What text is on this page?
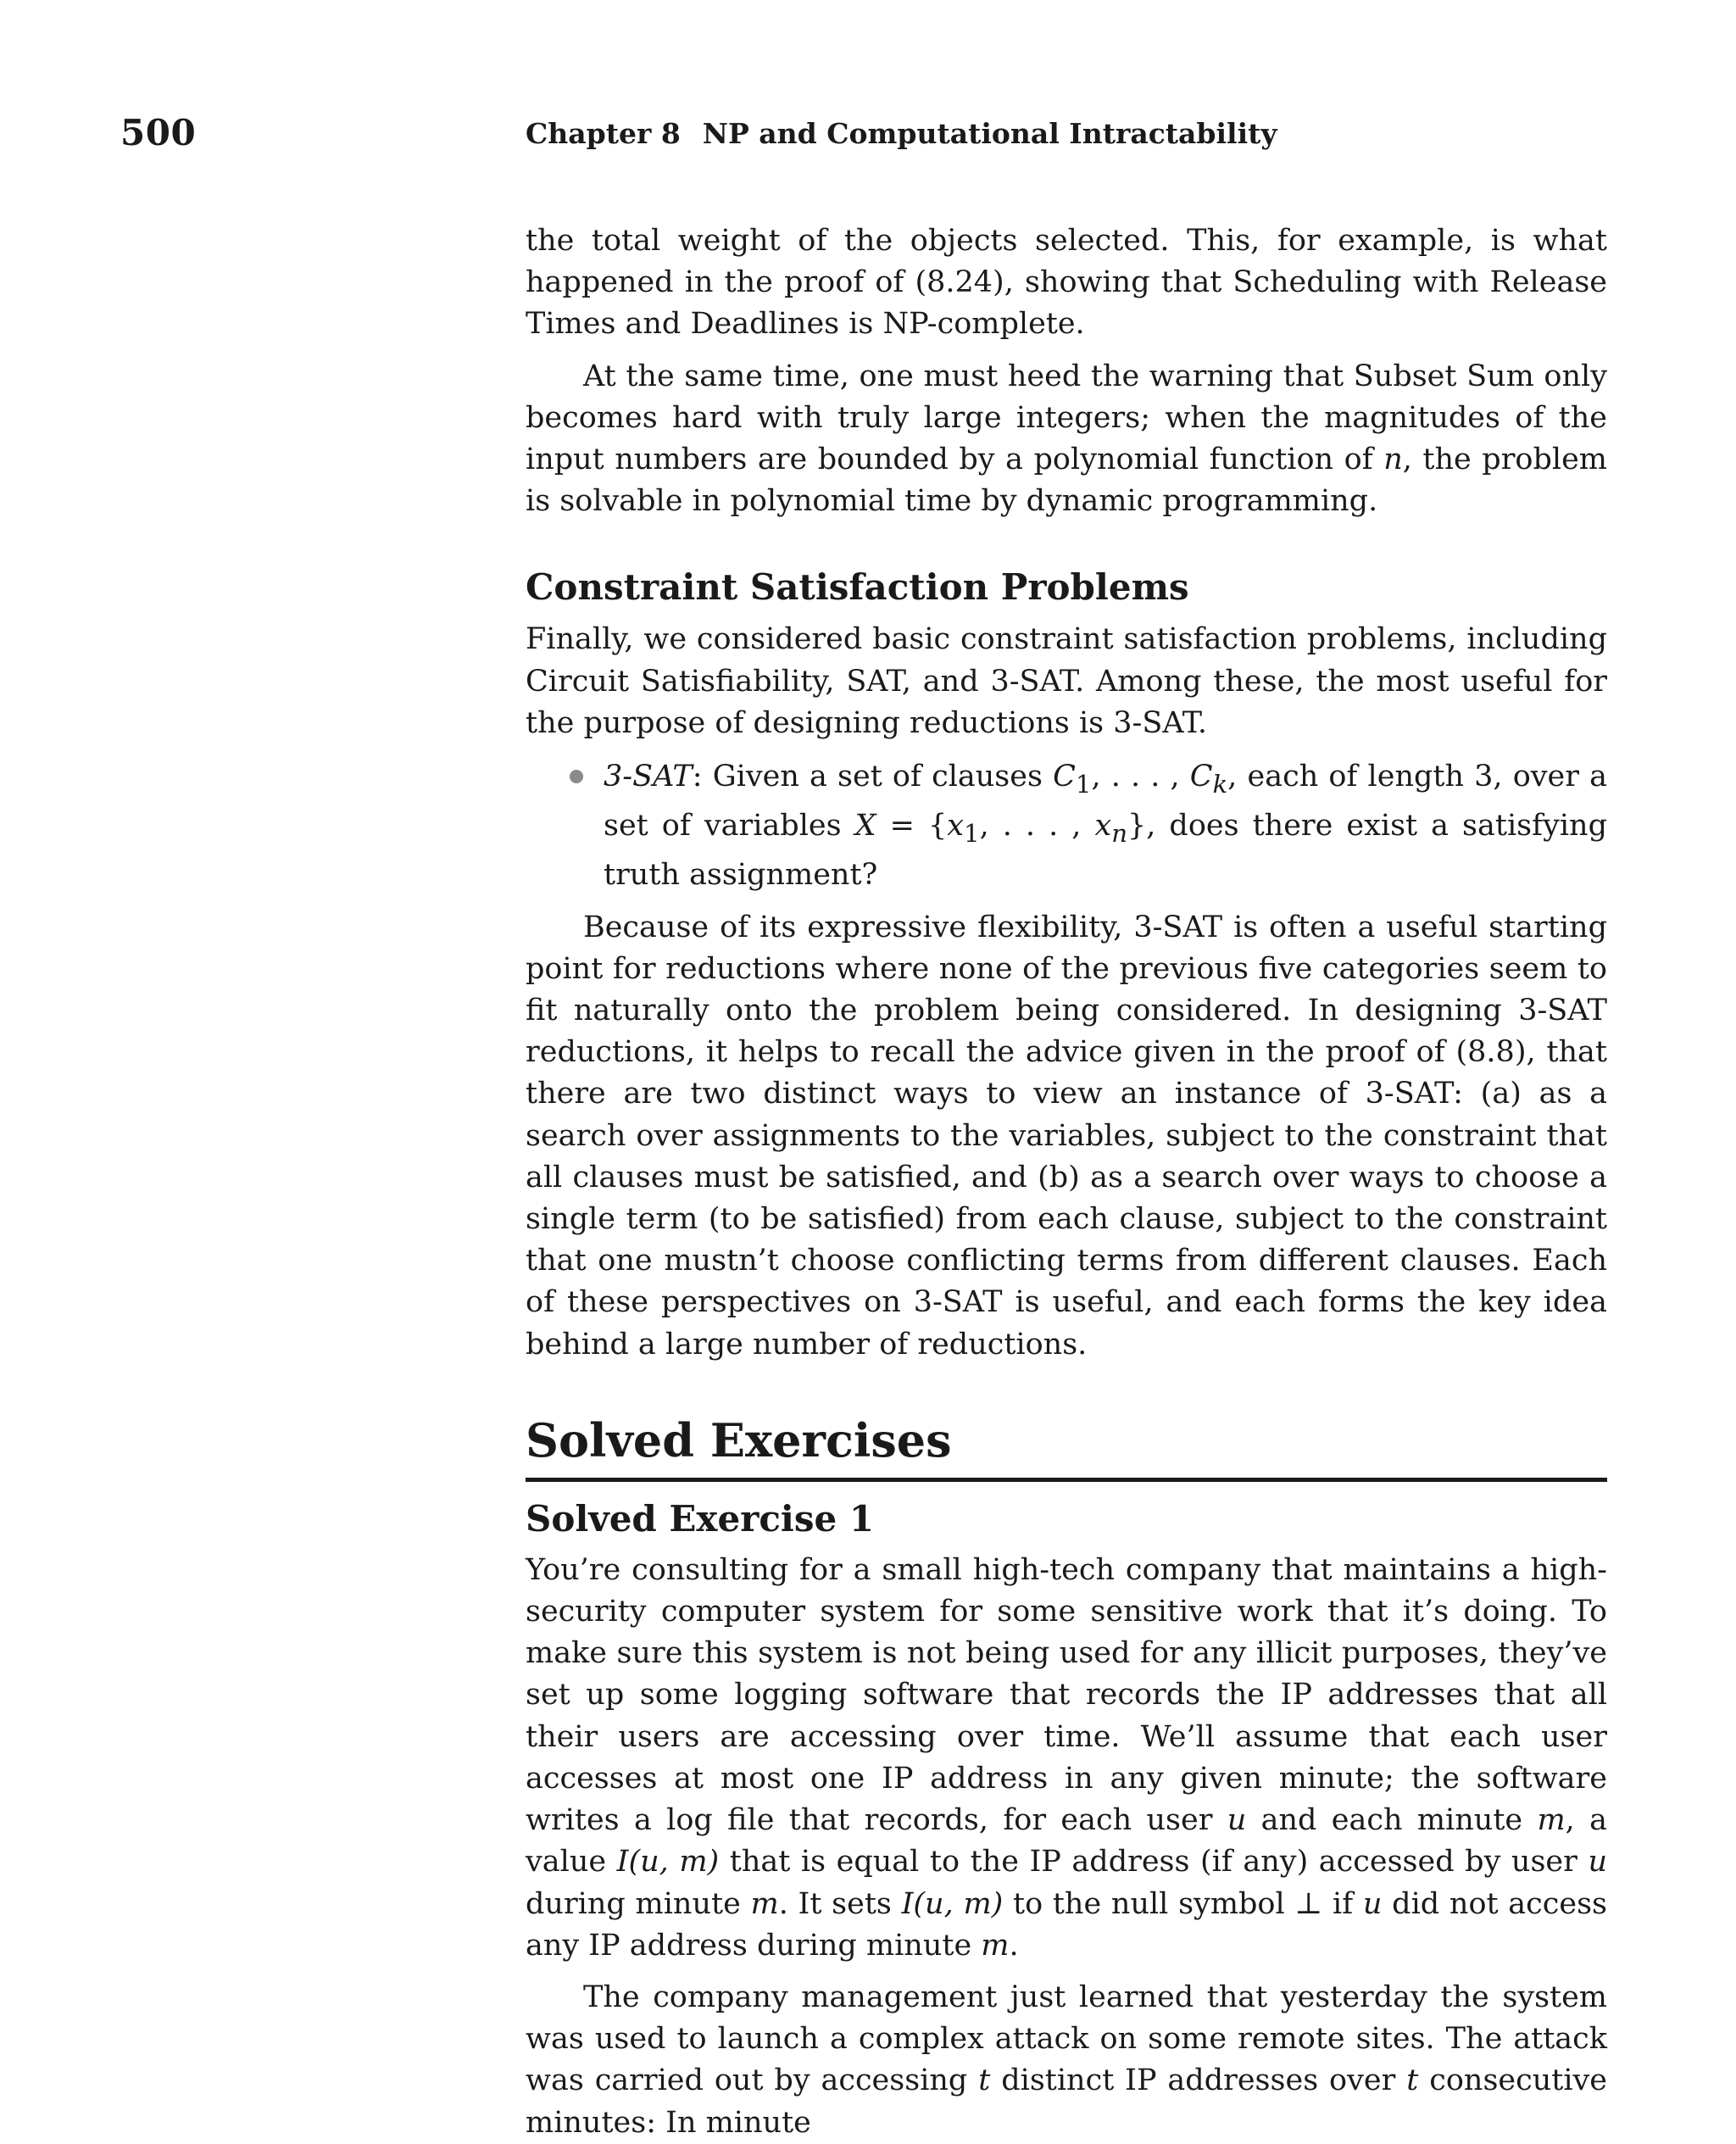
500	Chapter 8 NP and Computational Intractability

the total weight of the objects selected. This, for example, is what happened in the proof of (8.24), showing that Scheduling with Release Times and Deadlines is NP-complete.

At the same time, one must heed the warning that Subset Sum only becomes hard with truly large integers; when the magnitudes of the input numbers are bounded by a polynomial function of n, the problem is solvable in polynomial time by dynamic programming.

Constraint Satisfaction Problems

Finally, we considered basic constraint satisfaction problems, including Circuit Satisfiability, SAT, and 3-SAT. Among these, the most useful for the purpose of designing reductions is 3-SAT.

3-SAT: Given a set of clauses $C_1$, . . . , $C_k$, each of length 3, over a set of variables $X = \{x_1$, . . . , $x_n$}, does there exist a satisfying truth assignment?

Because of its expressive flexibility, 3-SAT is often a useful starting point for reductions where none of the previous five categories seem to fit naturally onto the problem being considered. In designing 3-SAT reductions, it helps to recall the advice given in the proof of (8.8), that there are two distinct ways to view an instance of 3-SAT: (a) as a search over assignments to the variables, subject to the constraint that all clauses must be satisfied, and (b) as a search over ways to choose a single term (to be satisfied) from each clause, subject to the constraint that one mustn’t choose conflicting terms from different clauses. Each of these perspectives on 3-SAT is useful, and each forms the key idea behind a large number of reductions.

Solved Exercises
Solved Exercise 1

You’re consulting for a small high-tech company that maintains a high-security computer system for some sensitive work that it’s doing. To make sure this system is not being used for any illicit purposes, they’ve set up some logging software that records the IP addresses that all their users are accessing over time. We’ll assume that each user accesses at most one IP address in any given minute; the software writes a log file that records, for each user u and each minute m, a value I(u, m) that is equal to the IP address (if any) accessed by user u during minute m. It sets I(u, m) to the null symbol ⊥ if u did not access any IP address during minute m.

The company management just learned that yesterday the system was used to launch a complex attack on some remote sites. The attack was carried out by accessing t distinct IP addresses over t consecutive minutes: In minute
